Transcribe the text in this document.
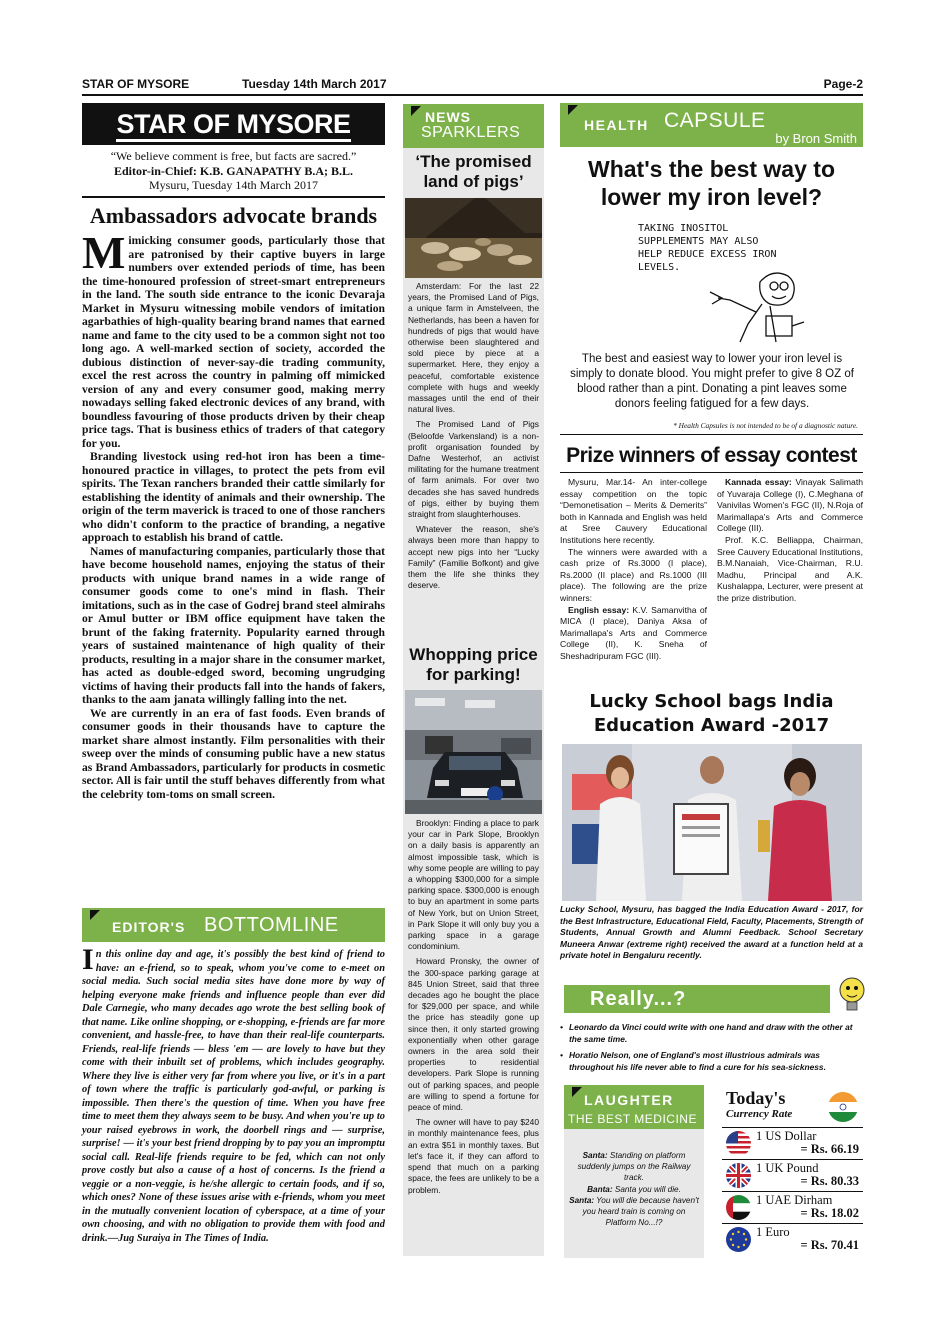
STAR OF MYSORE	Tuesday 14th March 2017	Page-2
STAR OF MYSORE
“We believe comment is free, but facts are sacred.”
Editor-in-Chief: K.B. GANAPATHY B.A; B.L.
Mysuru, Tuesday 14th March 2017
Ambassadors advocate brands
M imicking consumer goods, particularly those that are patronised by their captive buyers in large numbers over extended periods of time, has been the time-honoured profession of street-smart entrepreneurs in the land. The south side entrance to the iconic Devaraja Market in Mysuru witnessing mobile vendors of imitation agarbathies of high-quality bearing brand names that earned name and fame to the city used to be a common sight not too long ago. A well-marked section of society, accorded the dubious distinction of never-say-die trading community, excel the rest across the country in palming off mimicked version of any and every consumer good, making merry nowadays selling faked electronic devices of any brand, with boundless favouring of those products driven by their cheap price tags. That is business ethics of traders of that category for you.

Branding livestock using red-hot iron has been a time-honoured practice in villages, to protect the pets from evil spirits. The Texan ranchers branded their cattle similarly for establishing the identity of animals and their ownership. The origin of the term maverick is traced to one of those ranchers who didn't conform to the practice of branding, a negative approach to establish his brand of cattle.

Names of manufacturing companies, particularly those that have become household names, enjoying the status of their products with unique brand names in a wide range of consumer goods come to one's mind in flash. Their imitations, such as in the case of Godrej brand steel almirahs or Amul butter or IBM office equipment have taken the brunt of the faking fraternity. Popularity earned through years of sustained maintenance of high quality of their products, resulting in a major share in the consumer market, has acted as double-edged sword, becoming ungrudging victims of having their products fall into the hands of fakers, thanks to the aam janata willingly falling into the net.

We are currently in an era of fast foods. Even brands of consumer goods in their thousands have to capture the market share almost instantly. Film personalities with their sweep over the minds of consuming public have a new status as Brand Ambassadors, particularly for products in cosmetic sector. All is fair until the stuff behaves differently from what the celebrity tom-toms on small screen.

EDITOR'S BOTTOMLINE
I n this online day and age, it's possibly the best kind of friend to have: an e-friend, so to speak, whom you've come to e-meet on social media. Such social media sites have done more by way of helping everyone make friends and influence people than ever did Dale Carnegie, who many decades ago wrote the best selling book of that name. Like online shopping, or e-shopping, e-friends are far more convenient, and hassle-free, to have than their real-life counterparts. Friends, real-life friends — bless 'em — are lovely to have but they come with their inbuilt set of problems, which includes geography. Where they live is either very far from where you live, or it's in a part of town where the traffic is particularly god-awful, or parking is impossible. Then there's the question of time. When you have free time to meet them they always seem to be busy. And when you're up to your raised eyebrows in work, the doorbell rings and — surprise, surprise! — it's your best friend dropping by to pay you an impromptu social call. Real-life friends require to be fed, which can not only prove costly but also a cause of a host of concerns. Is the friend a veggie or a non-veggie, is he/she allergic to certain foods, and if so, which ones? None of these issues arise with e-friends, whom you meet in the mutually convenient location of cyberspace, at a time of your own choosing, and with no obligation to provide them with food and drink.—Jug Suraiya in The Times of India.
NEWS
SPARKLERS
‘The promised land of pigs’

Amsterdam: For the last 22 years, the Promised Land of Pigs, a unique farm in Amstelveen, the Netherlands, has been a haven for hundreds of pigs that would have otherwise been slaughtered and sold piece by piece at a supermarket. Here, they enjoy a peaceful, comfortable existence complete with hugs and weekly massages until the end of their natural lives.

The Promised Land of Pigs (Beloofde Varkensland) is a non-profit organisation founded by Dafne Westerhof, an activist militating for the humane treatment of farm animals. For over two decades she has saved hundreds of pigs, either by buying them straight from slaughterhouses.

Whatever the reason, she's always been more than happy to accept new pigs into her “Lucky Family” (Familie Bofkont) and give them the life she thinks they deserve.

Whopping price for parking!

Brooklyn: Finding a place to park your car in Park Slope, Brooklyn on a daily basis is apparently an almost impossible task, which is why some people are willing to pay a whopping $300,000 for a simple parking space. $300,000 is enough to buy an apartment in some parts of New York, but on Union Street, in Park Slope it will only buy you a parking space in a garage condominium.

Howard Pronsky, the owner of the 300-space parking garage at 845 Union Street, said that three decades ago he bought the place for $29,000 per space, and while the price has steadily gone up since then, it only started growing exponentially when other garage owners in the area sold their properties to residential developers. Park Slope is running out of parking spaces, and people are willing to spend a fortune for peace of mind.

The owner will have to pay $240 in monthly maintenance fees, plus an extra $51 in monthly taxes. But let's face it, if they can afford to spend that much on a parking space, the fees are unlikely to be a problem.

HEALTH CAPSULE
by Bron Smith
What's the best way to lower my iron level?
TAKING INOSITOL SUPPLEMENTS MAY ALSO HELP REDUCE EXCESS IRON LEVELS.
The best and easiest way to lower your iron level is simply to donate blood. You might prefer to give 8 OZ of blood rather than a pint. Donating a pint leaves some donors feeling fatigued for a few days.
* Health Capsules is not intended to be of a diagnostic nature.
Prize winners of essay contest

Mysuru, Mar.14- An inter-college essay competition on the topic “Demonetisation – Merits & Demerits” both in Kannada and English was held at Sree Cauvery Educational Institutions here recently.

The winners were awarded with a cash prize of Rs.3000 (I place), Rs.2000 (II place) and Rs.1000 (III place). The following are the prize winners:

English essay: K.V. Samanvitha of MICA (I place), Daniya Aksa of Marimallapa's Arts and Commerce College (II), K. Sneha of Sheshadripuram FGC (III).

Kannada essay: Vinayak Salimath of Yuvaraja College (I), C.Meghana of Vanivilas Women's FGC (II), N.Roja of Marimallapa's Arts and Commerce College (III).

Prof. K.C. Belliappa, Chairman, Sree Cauvery Educational Institutions, B.M.Nanaiah, Vice-Chairman, R.U. Madhu, Principal and A.K. Kushalappa, Lecturer, were present at the prize distribution.

Lucky School bags India Education Award -2017
Lucky School, Mysuru, has bagged the India Education Award - 2017, for the Best Infrastructure, Educational Field, Faculty, Placements, Strength of Students, Annual Growth and Alumni Feedback. School Secretary Muneera Anwar (extreme right) received the award at a function held at a private hotel in Bengaluru recently.
Really...?
• Leonardo da Vinci could write with one hand and draw with the other at the same time.
• Horatio Nelson, one of England's most illustrious admirals was throughout his life never able to find a cure for his sea-sickness.
LAUGHTER
THE BEST MEDICINE
Santa: Standing on platform suddenly jumps on the Railway track.
Banta: Santa you will die.
Santa: You will die because haven't you heard train is coming on Platform No...!?
Today's
Currency Rate
1 US Dollar
= Rs. 66.19
1 UK Pound
= Rs. 80.33
1 UAE Dirham
= Rs. 18.02
1 Euro
= Rs. 70.41
